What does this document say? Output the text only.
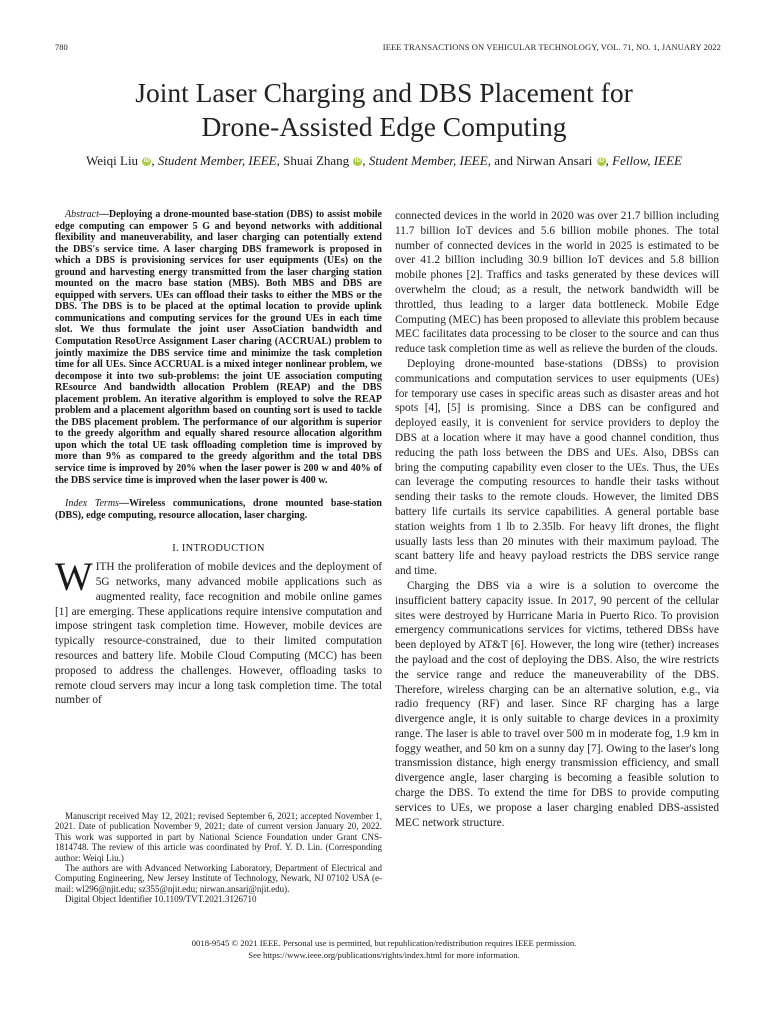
780	IEEE TRANSACTIONS ON VEHICULAR TECHNOLOGY, VOL. 71, NO. 1, JANUARY 2022
Joint Laser Charging and DBS Placement for
Drone-Assisted Edge Computing
Weiqi Liu iD , Student Member, IEEE, Shuai Zhang iD , Student Member, IEEE, and Nirwan Ansari iD , Fellow, IEEE

Abstract—Deploying a drone-mounted base-station (DBS) to assist mobile edge computing can empower 5 G and beyond networks with additional flexibility and maneuverability, and laser charging can potentially extend the DBS's service time. A laser charging DBS framework is proposed in which a DBS is provisioning services for user equipments (UEs) on the ground and harvesting energy transmitted from the laser charging station mounted on the macro base station (MBS). Both MBS and DBS are equipped with servers. UEs can offload their tasks to either the MBS or the DBS. The DBS is to be placed at the optimal location to provide uplink communications and computing services for the ground UEs in each time slot. We thus formulate the joint user AssoCiation bandwidth and Computation ResoUrce Assignment Laser charing (ACCRUAL) problem to jointly maximize the DBS service time and minimize the task completion time for all UEs. Since ACCRUAL is a mixed integer nonlinear problem, we decompose it into two sub-problems: the joint UE association computing REsource And bandwidth allocation Problem (REAP) and the DBS placement problem. An iterative algorithm is employed to solve the REAP problem and a placement algorithm based on counting sort is used to tackle the DBS placement problem. The performance of our algorithm is superior to the greedy algorithm and equally shared resource allocation algorithm upon which the total UE task offloading completion time is improved by more than 9% as compared to the greedy algorithm and the total DBS service time is improved by 20% when the laser power is 200 w and 40% of the DBS service time is improved when the laser power is 400 w.

Index Terms—Wireless communications, drone mounted base-station (DBS), edge computing, resource allocation, laser charging.

I. INTRODUCTION

WITH the proliferation of mobile devices and the deployment of 5G networks, many advanced mobile applications such as augmented reality, face recognition and mobile online games [1] are emerging. These applications require intensive computation and impose stringent task completion time. However, mobile devices are typically resource-constrained, due to their limited computation resources and battery life. Mobile Cloud Computing (MCC) has been proposed to address the challenges. However, offloading tasks to remote cloud servers may incur a long task completion time. The total number of

connected devices in the world in 2020 was over 21.7 billion including 11.7 billion IoT devices and 5.6 billion mobile phones. The total number of connected devices in the world in 2025 is estimated to be over 41.2 billion including 30.9 billion IoT devices and 5.8 billion mobile phones [2]. Traffics and tasks generated by these devices will overwhelm the cloud; as a result, the network bandwidth will be throttled, thus leading to a larger data bottleneck. Mobile Edge Computing (MEC) has been proposed to alleviate this problem because MEC facilitates data processing to be closer to the source and can thus reduce task completion time as well as relieve the burden of the clouds.

Deploying drone-mounted base-stations (DBSs) to provision communications and computation services to user equipments (UEs) for temporary use cases in specific areas such as disaster areas and hot spots [4], [5] is promising. Since a DBS can be configured and deployed easily, it is convenient for service providers to deploy the DBS at a location where it may have a good channel condition, thus reducing the path loss between the DBS and UEs. Also, DBSs can bring the computing capability even closer to the UEs. Thus, the UEs can leverage the computing resources to handle their tasks without sending their tasks to the remote clouds. However, the limited DBS battery life curtails its service capabilities. A general portable base station weights from 1 lb to 2.35lb. For heavy lift drones, the flight usually lasts less than 20 minutes with their maximum payload. The scant battery life and heavy payload restricts the DBS service range and time.

Charging the DBS via a wire is a solution to overcome the insufficient battery capacity issue. In 2017, 90 percent of the cellular sites were destroyed by Hurricane Maria in Puerto Rico. To provision emergency communications services for victims, tethered DBSs have been deployed by AT&T [6]. However, the long wire (tether) increases the payload and the cost of deploying the DBS. Also, the wire restricts the service range and reduce the maneuverability of the DBS. Therefore, wireless charging can be an alternative solution, e.g., via radio frequency (RF) and laser. Since RF charging has a large divergence angle, it is only suitable to charge devices in a proximity range. The laser is able to travel over 500 m in moderate fog, 1.9 km in foggy weather, and 50 km on a sunny day [7]. Owing to the laser's long transmission distance, high energy transmission efficiency, and small divergence angle, laser charging is becoming a feasible solution to charge the DBS. To extend the time for DBS to provide computing services to UEs, we propose a laser charging enabled DBS-assisted MEC network structure.

Manuscript received May 12, 2021; revised September 6, 2021; accepted November 1, 2021. Date of publication November 9, 2021; date of current version January 20, 2022. This work was supported in part by National Science Foundation under Grant CNS-1814748. The review of this article was coordinated by Prof. Y. D. Lin. (Corresponding author: Weiqi Liu.)

The authors are with Advanced Networking Laboratory, Department of Electrical and Computing Engineering, New Jersey Institute of Technology, Newark, NJ 07102 USA (e-mail: wl296@njit.edu; sz355@njit.edu; nirwan.ansari@njit.edu).

Digital Object Identifier 10.1109/TVT.2021.3126710

0018-9545 © 2021 IEEE. Personal use is permitted, but republication/redistribution requires IEEE permission.
See https://www.ieee.org/publications/rights/index.html for more information.
